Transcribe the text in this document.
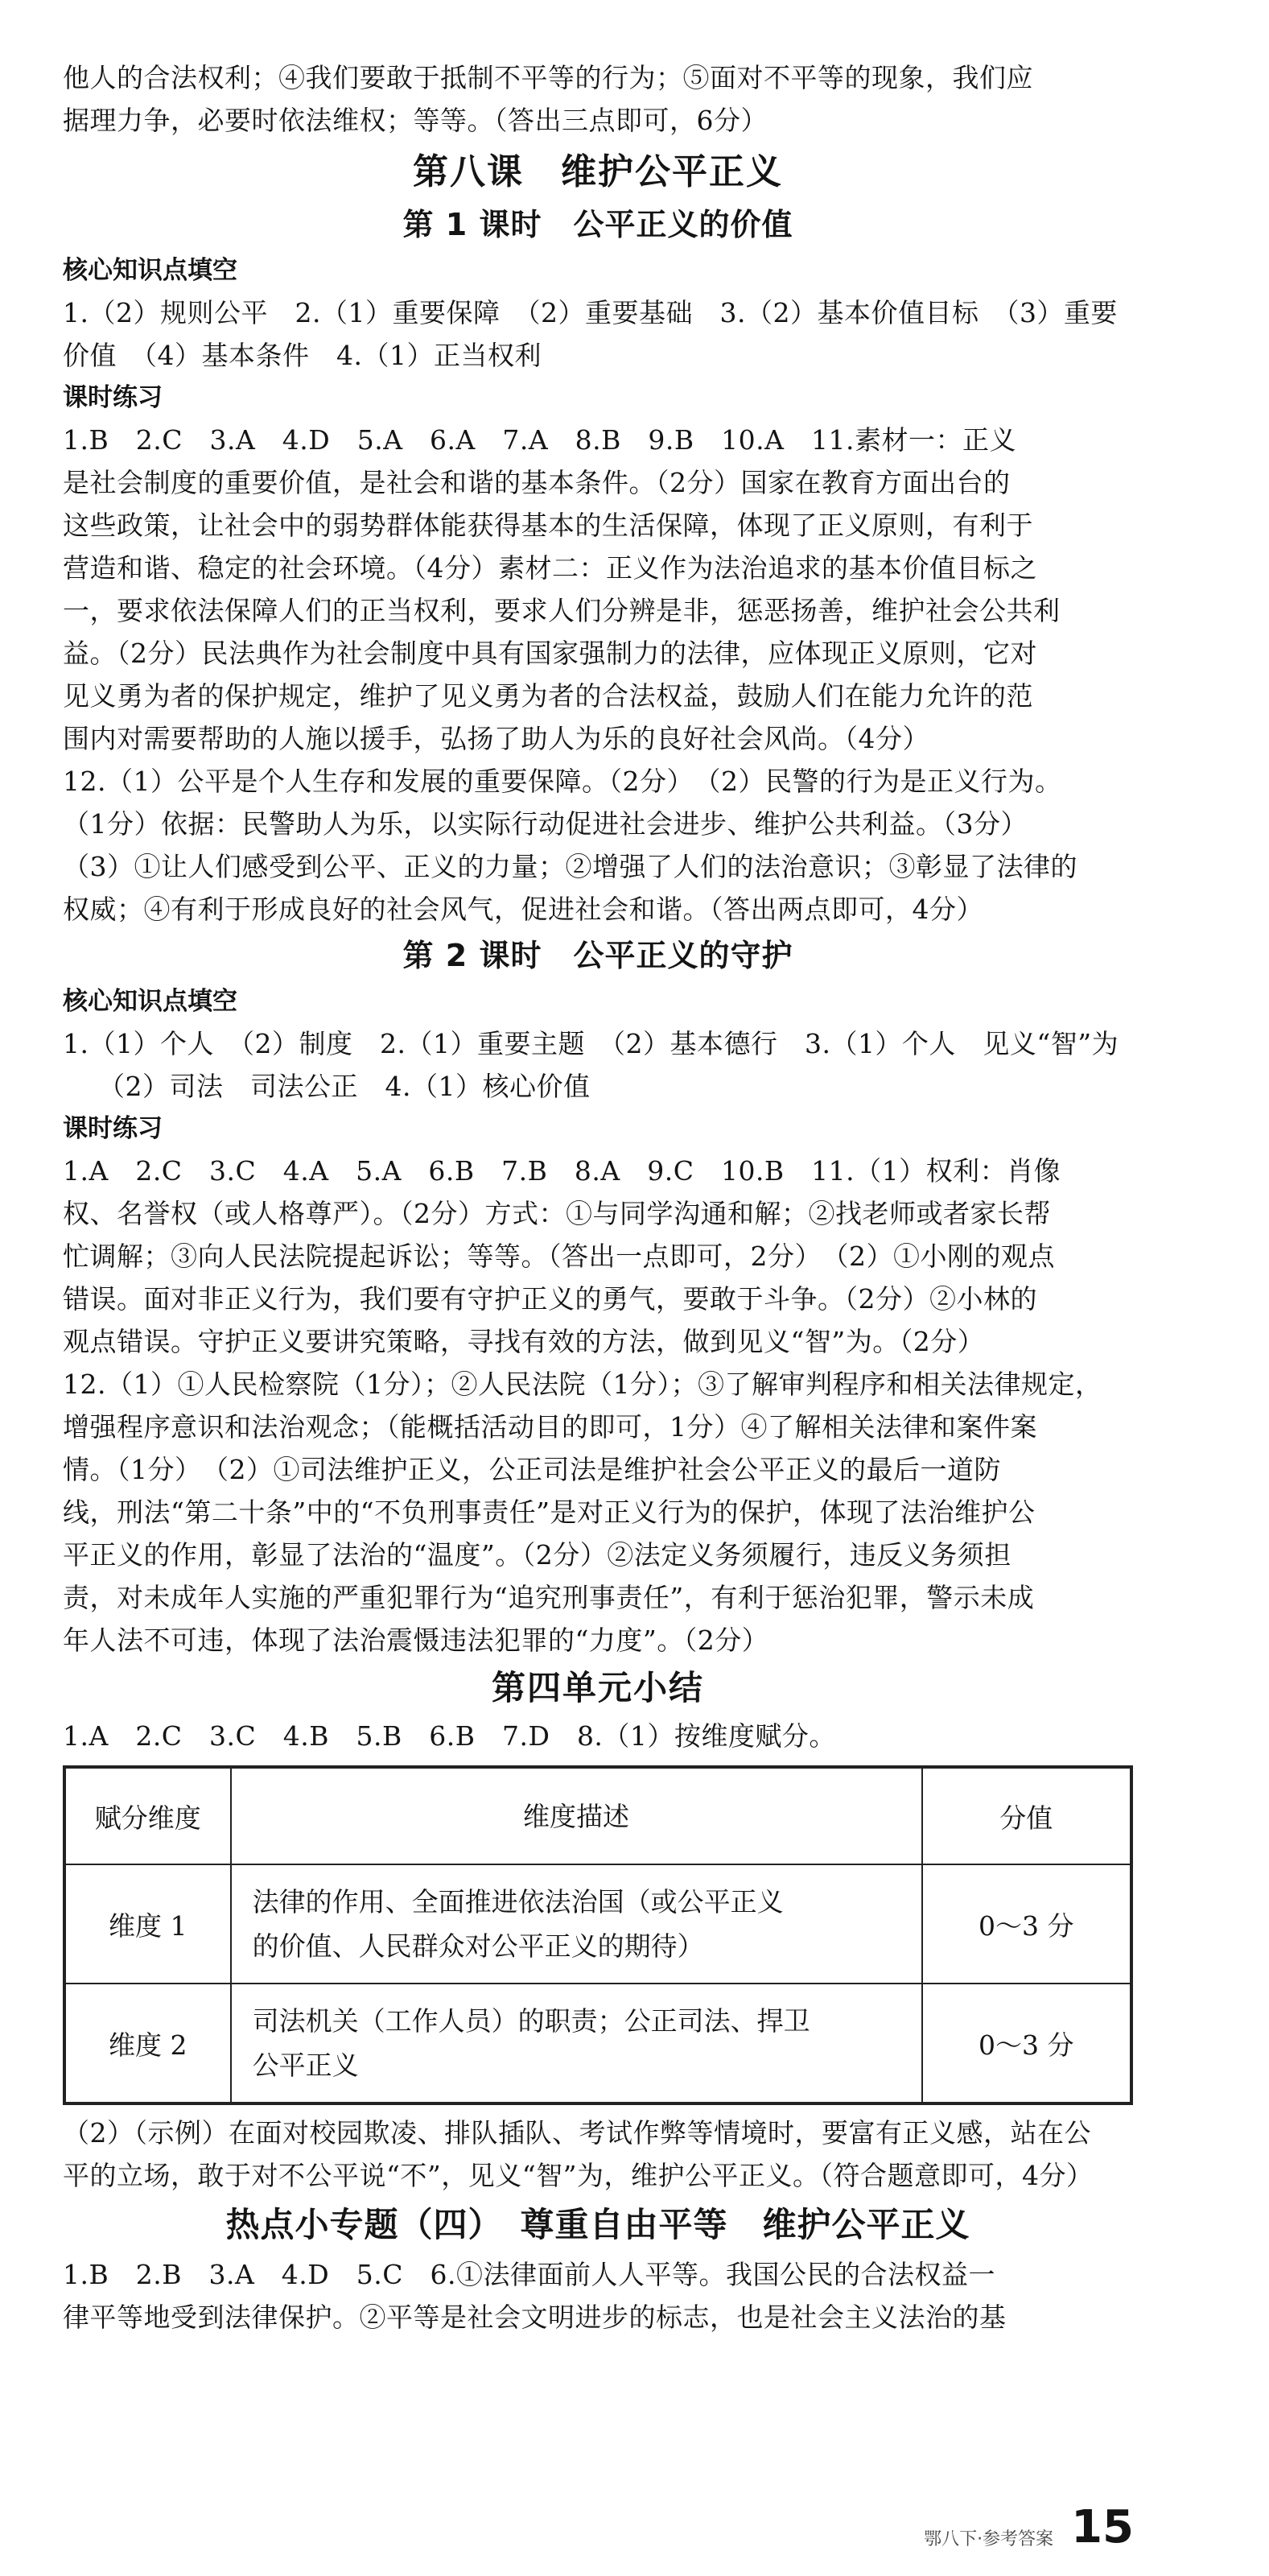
他人的合法权利；④我们要敢于抵制不平等的行为；⑤面对不平等的现象，我们应
据理力争，必要时依法维权；等等。（答出三点即可，6分）
第八课　维护公平正义
第 1 课时　公平正义的价值
核心知识点填空
1.（2）规则公平　2.（1）重要保障　（2）重要基础　3.（2）基本价值目标　（3）重要
价值　（4）基本条件　4.（1）正当权利
课时练习
1.B　2.C　3.A　4.D　5.A　6.A　7.A　8.B　9.B　10.A　11.素材一：正义
是社会制度的重要价值，是社会和谐的基本条件。（2分）国家在教育方面出台的
这些政策，让社会中的弱势群体能获得基本的生活保障，体现了正义原则，有利于
营造和谐、稳定的社会环境。（4分）素材二：正义作为法治追求的基本价值目标之
一，要求依法保障人们的正当权利，要求人们分辨是非，惩恶扬善，维护社会公共利
益。（2分）民法典作为社会制度中具有国家强制力的法律，应体现正义原则，它对
见义勇为者的保护规定，维护了见义勇为者的合法权益，鼓励人们在能力允许的范
围内对需要帮助的人施以援手，弘扬了助人为乐的良好社会风尚。（4分）
12.（1）公平是个人生存和发展的重要保障。（2分）　（2）民警的行为是正义行为。
（1分）依据：民警助人为乐，以实际行动促进社会进步、维护公共利益。（3分）
（3）①让人们感受到公平、正义的力量；②增强了人们的法治意识；③彰显了法律的
权威；④有利于形成良好的社会风气，促进社会和谐。（答出两点即可，4分）
第 2 课时　公平正义的守护
核心知识点填空
1.（1）个人　（2）制度　2.（1）重要主题　（2）基本德行　3.（1）个人　见义“智”为
（2）司法　司法公正　4.（1）核心价值
课时练习
1.A　2.C　3.C　4.A　5.A　6.B　7.B　8.A　9.C　10.B　11.（1）权利：肖像
权、名誉权（或人格尊严）。（2分）方式：①与同学沟通和解；②找老师或者家长帮
忙调解；③向人民法院提起诉讼；等等。（答出一点即可，2分）　（2）①小刚的观点
错误。面对非正义行为，我们要有守护正义的勇气，要敢于斗争。（2分）②小林的
观点错误。守护正义要讲究策略，寻找有效的方法，做到见义“智”为。（2分）
12.（1）①人民检察院（1分）；②人民法院（1分）；③了解审判程序和相关法律规定，
增强程序意识和法治观念；（能概括活动目的即可，1分）④了解相关法律和案件案
情。（1分）　（2）①司法维护正义，公正司法是维护社会公平正义的最后一道防
线，刑法“第二十条”中的“不负刑事责任”是对正义行为的保护，体现了法治维护公
平正义的作用，彰显了法治的“温度”。（2分）②法定义务须履行，违反义务须担
责，对未成年人实施的严重犯罪行为“追究刑事责任”，有利于惩治犯罪，警示未成
年人法不可违，体现了法治震慑违法犯罪的“力度”。（2分）
第四单元小结
1.A　2.C　3.C　4.B　5.B　6.B　7.D　8.（1）按维度赋分。
赋分维度	维度描述	分值
维度 1	法律的作用、全面推进依法治国（或公平正义
的价值、人民群众对公平正义的期待）	0～3 分
维度 2	司法机关（工作人员）的职责；公正司法、捍卫
公平正义	0～3 分
（2）（示例）在面对校园欺凌、排队插队、考试作弊等情境时，要富有正义感，站在公
平的立场，敢于对不公平说“不”，见义“智”为，维护公平正义。（符合题意即可，4分）
热点小专题（四）　尊重自由平等　维护公平正义
1.B　2.B　3.A　4.D　5.C　6.①法律面前人人平等。我国公民的合法权益一
律平等地受到法律保护。②平等是社会文明进步的标志，也是社会主义法治的基
鄂八下·参考答案 15
